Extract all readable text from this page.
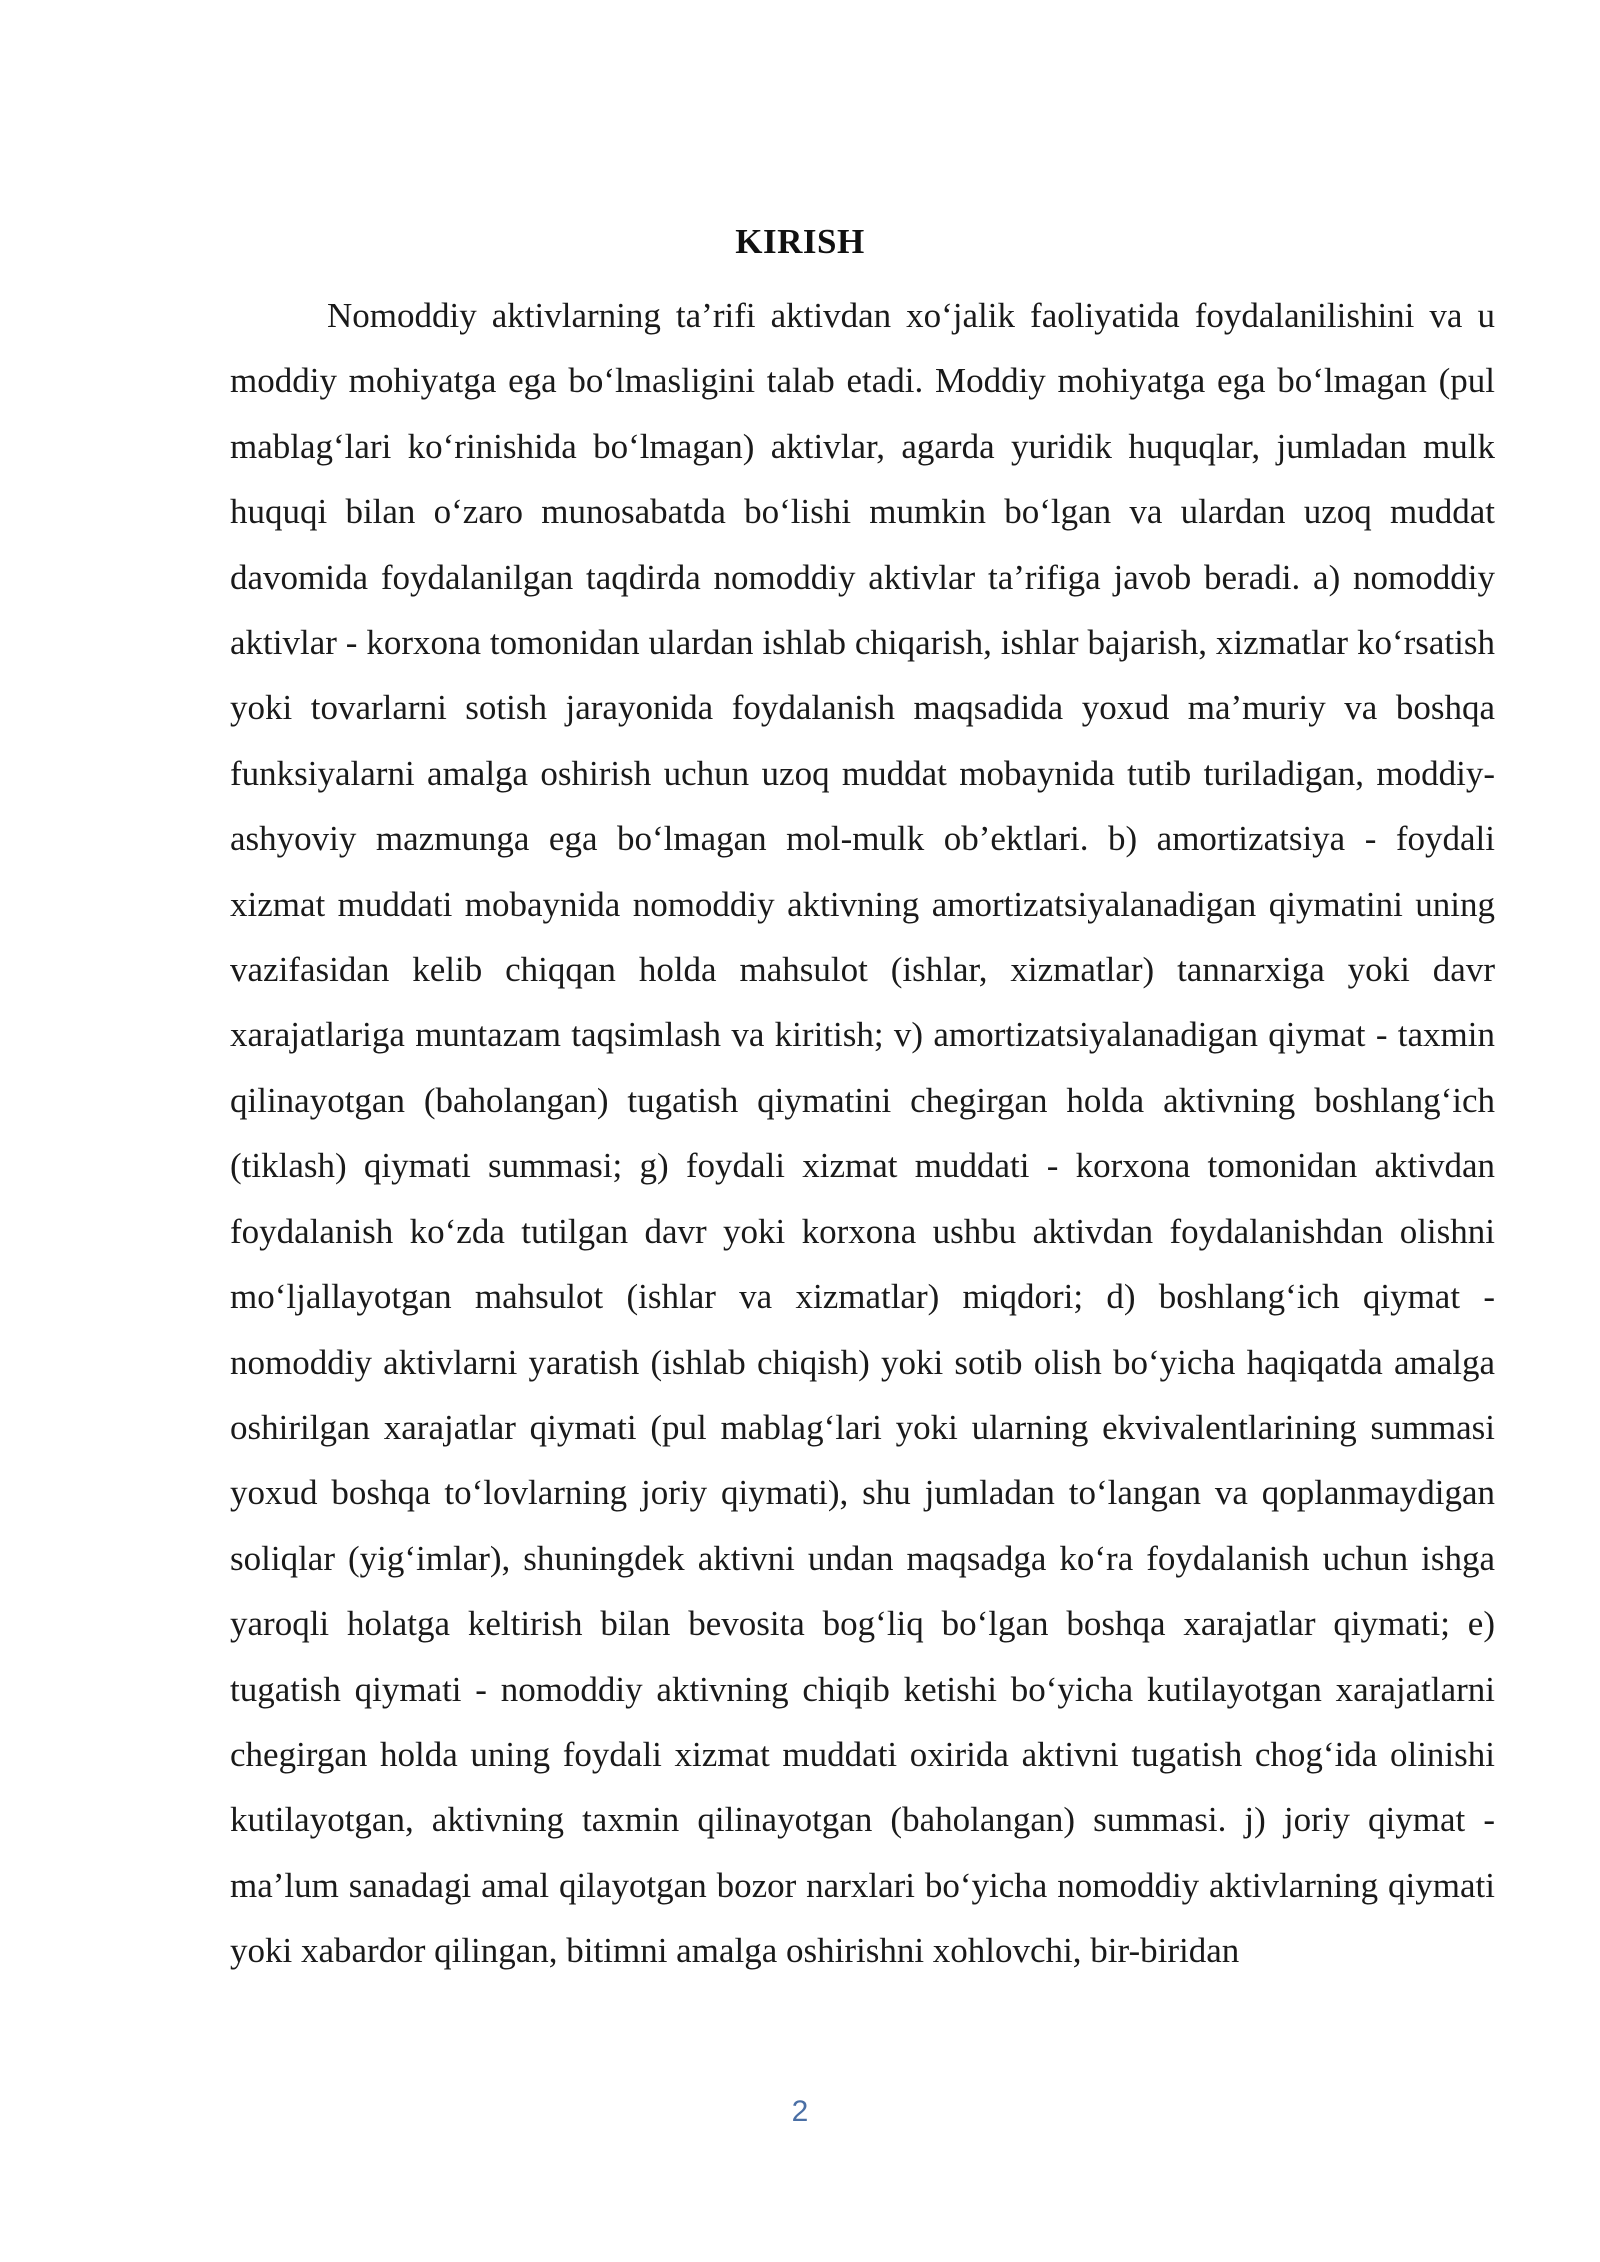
KIRISH

Nomoddiy aktivlarning ta’rifi aktivdan xo‘jalik faoliyatida foydalanilishini va u moddiy mohiyatga ega bo‘lmasligini talab etadi. Moddiy mohiyatga ega bo‘lmagan (pul mablag‘lari ko‘rinishida bo‘lmagan) aktivlar, agarda yuridik huquqlar, jumladan mulk huquqi bilan o‘zaro munosabatda bo‘lishi mumkin bo‘lgan va ulardan uzoq muddat davomida foydalanilgan taqdirda nomoddiy aktivlar ta’rifiga javob beradi. a) nomoddiy aktivlar - korxona tomonidan ulardan ishlab chiqarish, ishlar bajarish, xizmatlar ko‘rsatish yoki tovarlarni sotish jarayonida foydalanish maqsadida yoxud ma’muriy va boshqa funksiyalarni amalga oshirish uchun uzoq muddat mobaynida tutib turiladigan, moddiy-ashyoviy mazmunga ega bo‘lmagan mol-mulk ob’ektlari. b) amortizatsiya - foydali xizmat muddati mobaynida nomoddiy aktivning amortizatsiyalanadigan qiymatini uning vazifasidan kelib chiqqan holda mahsulot (ishlar, xizmatlar) tannarxiga yoki davr xarajatlariga muntazam taqsimlash va kiritish; v) amortizatsiyalanadigan qiymat - taxmin qilinayotgan (baholangan) tugatish qiymatini chegirgan holda aktivning boshlang‘ich (tiklash) qiymati summasi; g) foydali xizmat muddati - korxona tomonidan aktivdan foydalanish ko‘zda tutilgan davr yoki korxona ushbu aktivdan foydalanishdan olishni mo‘ljallayotgan mahsulot (ishlar va xizmatlar) miqdori; d) boshlang‘ich qiymat - nomoddiy aktivlarni yaratish (ishlab chiqish) yoki sotib olish bo‘yicha haqiqatda amalga oshirilgan xarajatlar qiymati (pul mablag‘lari yoki ularning ekvivalentlarining summasi yoxud boshqa to‘lovlarning joriy qiymati), shu jumladan to‘langan va qoplanmaydigan soliqlar (yig‘imlar), shuningdek aktivni undan maqsadga ko‘ra foydalanish uchun ishga yaroqli holatga keltirish bilan bevosita bog‘liq bo‘lgan boshqa xarajatlar qiymati; e) tugatish qiymati - nomoddiy aktivning chiqib ketishi bo‘yicha kutilayotgan xarajatlarni chegirgan holda uning foydali xizmat muddati oxirida aktivni tugatish chog‘ida olinishi kutilayotgan, aktivning taxmin qilinayotgan (baholangan) summasi. j) joriy qiymat - ma’lum sanadagi amal qilayotgan bozor narxlari bo‘yicha nomoddiy aktivlarning qiymati yoki xabardor qilingan, bitimni amalga oshirishni xohlovchi, bir-biridan

2
